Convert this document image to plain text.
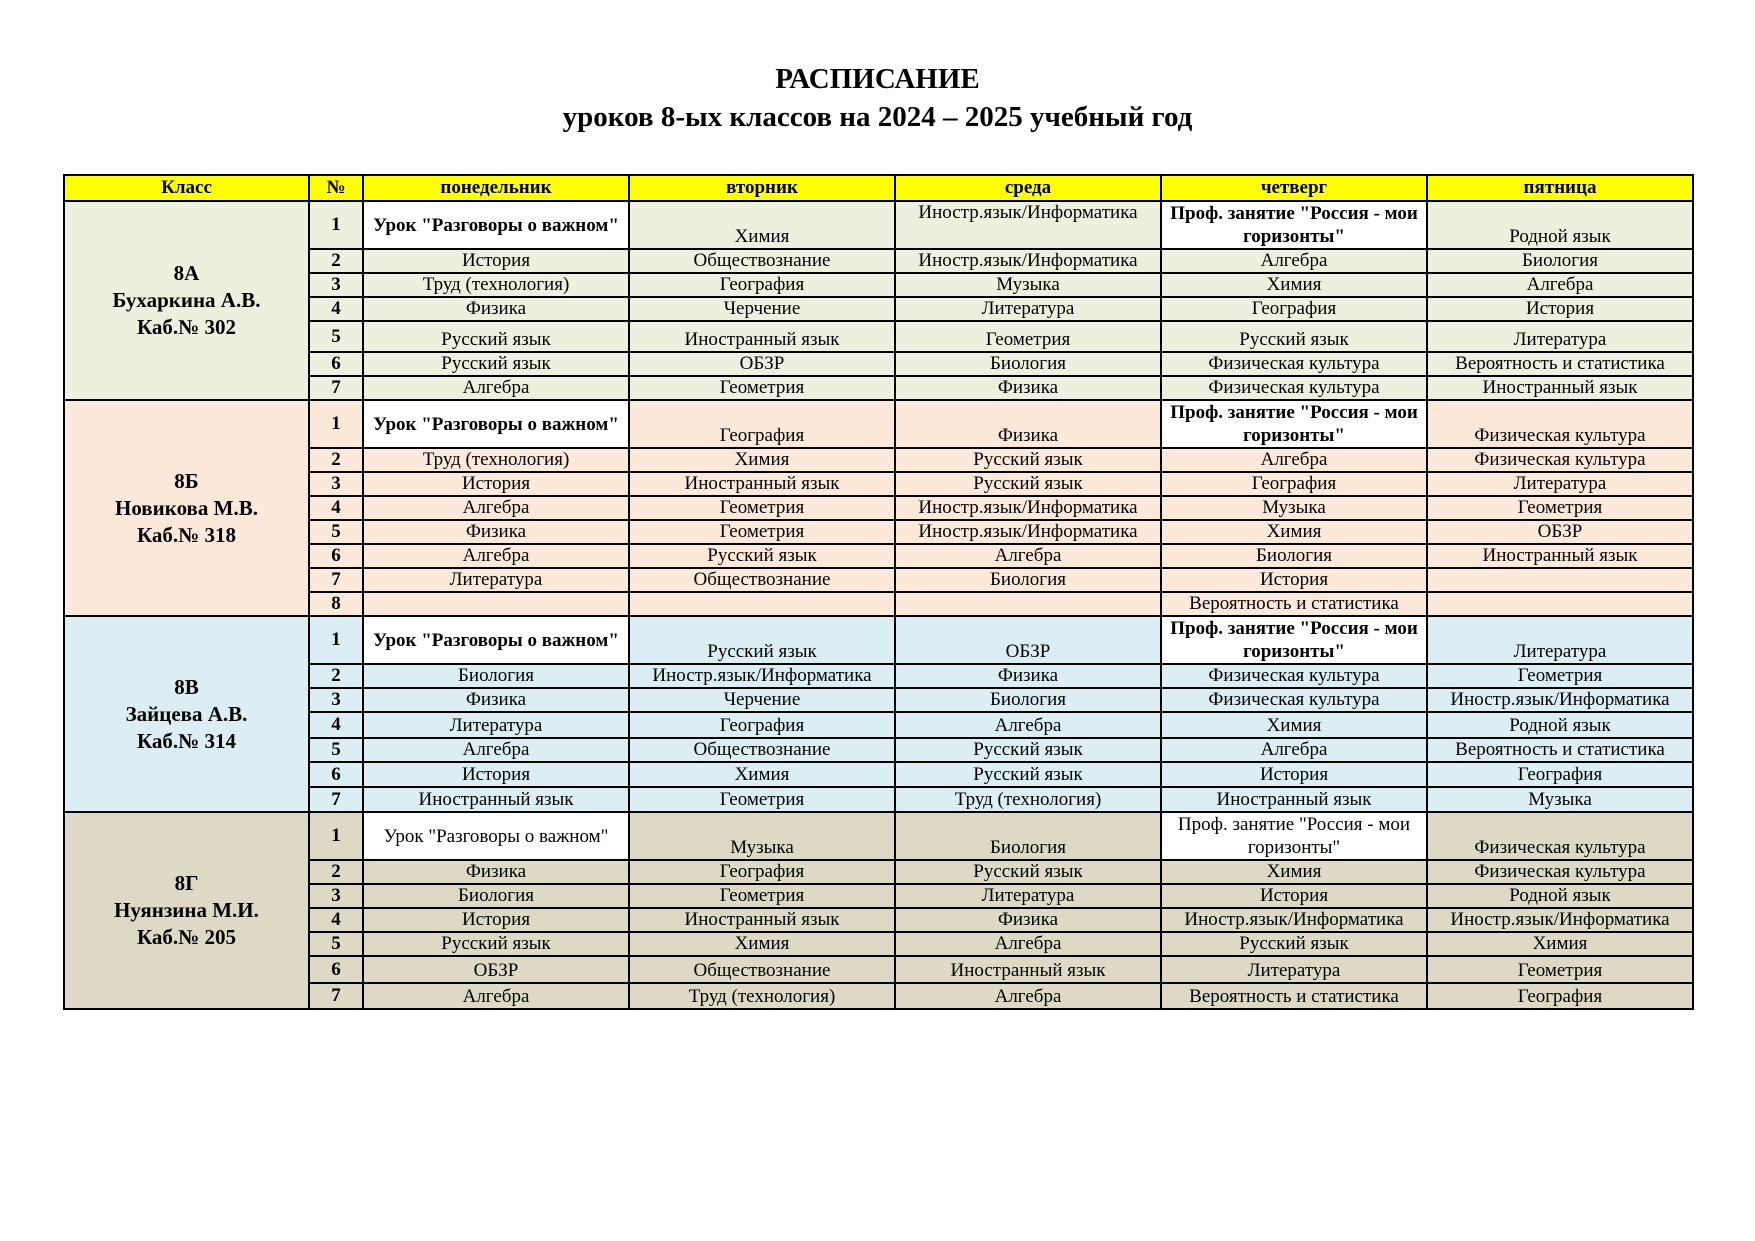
РАСПИСАНИЕ
уроков 8-ых классов на 2024 – 2025 учебный год
Класс	№	понедельник	вторник	среда	четверг	пятница

8А
Бухаркина А.В.
Каб.№ 302	1	Урок "Разговоры о важном"	Химия	Иностр.язык/Информатика	Проф. занятие "Россия - мои горизонты"	Родной язык
	2	История	Обществознание	Иностр.язык/Информатика	Алгебра	Биология
	3	Труд (технология)	География	Музыка	Химия	Алгебра
	4	Физика	Черчение	Литература	География	История
	5	Русский язык	Иностранный язык	Геометрия	Русский язык	Литература
	6	Русский язык	ОБЗР	Биология	Физическая культура	Вероятность и статистика
	7	Алгебра	Геометрия	Физика	Физическая культура	Иностранный язык

8Б
Новикова М.В.
Каб.№ 318	1	Урок "Разговоры о важном"	География	Физика	Проф. занятие "Россия - мои горизонты"	Физическая культура
	2	Труд (технология)	Химия	Русский язык	Алгебра	Физическая культура
	3	История	Иностранный язык	Русский язык	География	Литература
	4	Алгебра	Геометрия	Иностр.язык/Информатика	Музыка	Геометрия
	5	Физика	Геометрия	Иностр.язык/Информатика	Химия	ОБЗР
	6	Алгебра	Русский язык	Алгебра	Биология	Иностранный язык
	7	Литература	Обществознание	Биология	История	
	8				Вероятность и статистика	

8В
Зайцева А.В.
Каб.№ 314	1	Урок "Разговоры о важном"	Русский язык	ОБЗР	Проф. занятие "Россия - мои горизонты"	Литература
	2	Биология	Иностр.язык/Информатика	Физика	Физическая культура	Геометрия
	3	Физика	Черчение	Биология	Физическая культура	Иностр.язык/Информатика
	4	Литература	География	Алгебра	Химия	Родной язык
	5	Алгебра	Обществознание	Русский язык	Алгебра	Вероятность и статистика
	6	История	Химия	Русский язык	История	География
	7	Иностранный язык	Геометрия	Труд (технология)	Иностранный язык	Музыка

8Г
Нуянзина М.И.
Каб.№ 205	1	Урок "Разговоры о важном"	Музыка	Биология	Проф. занятие "Россия - мои горизонты"	Физическая культура
	2	Физика	География	Русский язык	Химия	Физическая культура
	3	Биология	Геометрия	Литература	История	Родной язык
	4	История	Иностранный язык	Физика	Иностр.язык/Информатика	Иностр.язык/Информатика
	5	Русский язык	Химия	Алгебра	Русский язык	Химия
	6	ОБЗР	Обществознание	Иностранный язык	Литература	Геометрия
	7	Алгебра	Труд (технология)	Алгебра	Вероятность и статистика	География
